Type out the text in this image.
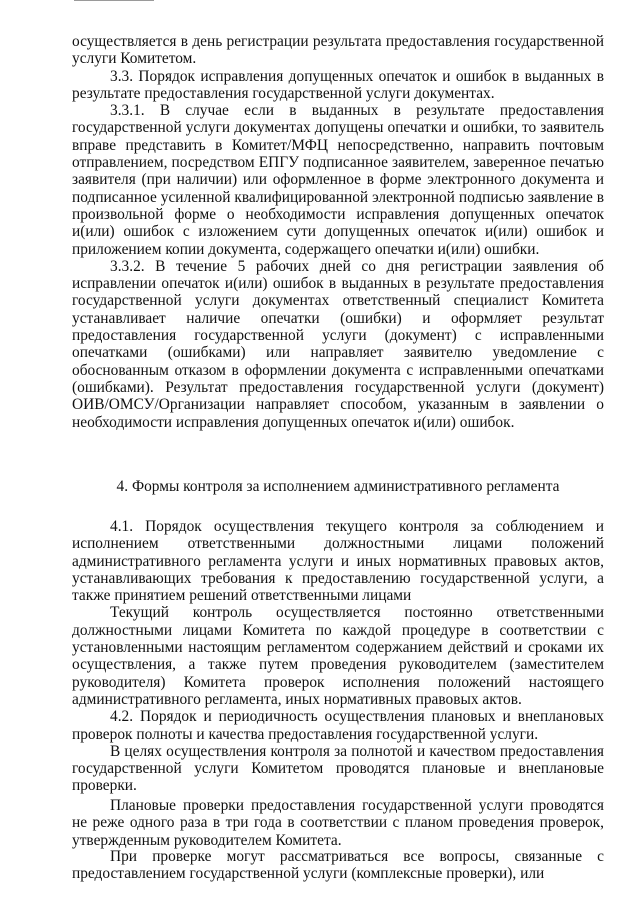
осуществляется в день регистрации результата предоставления государственной услуги Комитетом.

3.3. Порядок исправления допущенных опечаток и ошибок в выданных в результате предоставления государственной услуги документах.

3.3.1. В случае если в выданных в результате предоставления государственной услуги документах допущены опечатки и ошибки, то заявитель вправе представить в Комитет/МФЦ непосредственно, направить почтовым отправлением, посредством ЕПГУ подписанное заявителем, заверенное печатью заявителя (при наличии) или оформленное в форме электронного документа и подписанное усиленной квалифицированной электронной подписью заявление в произвольной форме о необходимости исправления допущенных опечаток и(или) ошибок с изложением сути допущенных опечаток и(или) ошибок и приложением копии документа, содержащего опечатки и(или) ошибки.

3.3.2. В течение 5 рабочих дней со дня регистрации заявления об исправлении опечаток и(или) ошибок в выданных в результате предоставления государственной услуги документах ответственный специалист Комитета устанавливает наличие опечатки (ошибки) и оформляет результат предоставления государственной услуги (документ) с исправленными опечатками (ошибками) или направляет заявителю уведомление с обоснованным отказом в оформлении документа с исправленными опечатками (ошибками). Результат предоставления государственной услуги (документ) ОИВ/ОМСУ/Организации направляет способом, указанным в заявлении о необходимости исправления допущенных опечаток и(или) ошибок.

4. Формы контроля за исполнением административного регламента

4.1. Порядок осуществления текущего контроля за соблюдением и исполнением ответственными должностными лицами положений административного регламента услуги и иных нормативных правовых актов, устанавливающих требования к предоставлению государственной услуги, а также принятием решений ответственными лицами

Текущий контроль осуществляется постоянно ответственными должностными лицами Комитета по каждой процедуре в соответствии с установленными настоящим регламентом содержанием действий и сроками их осуществления, а также путем проведения руководителем (заместителем руководителя) Комитета проверок исполнения положений настоящего административного регламента, иных нормативных правовых актов.

4.2. Порядок и периодичность осуществления плановых и внеплановых проверок полноты и качества предоставления государственной услуги.

В целях осуществления контроля за полнотой и качеством предоставления государственной услуги Комитетом проводятся плановые и внеплановые проверки.

Плановые проверки предоставления государственной услуги проводятся не реже одного раза в три года в соответствии с планом проведения проверок, утвержденным руководителем Комитета.

При проверке могут рассматриваться все вопросы, связанные с предоставлением государственной услуги (комплексные проверки), или
